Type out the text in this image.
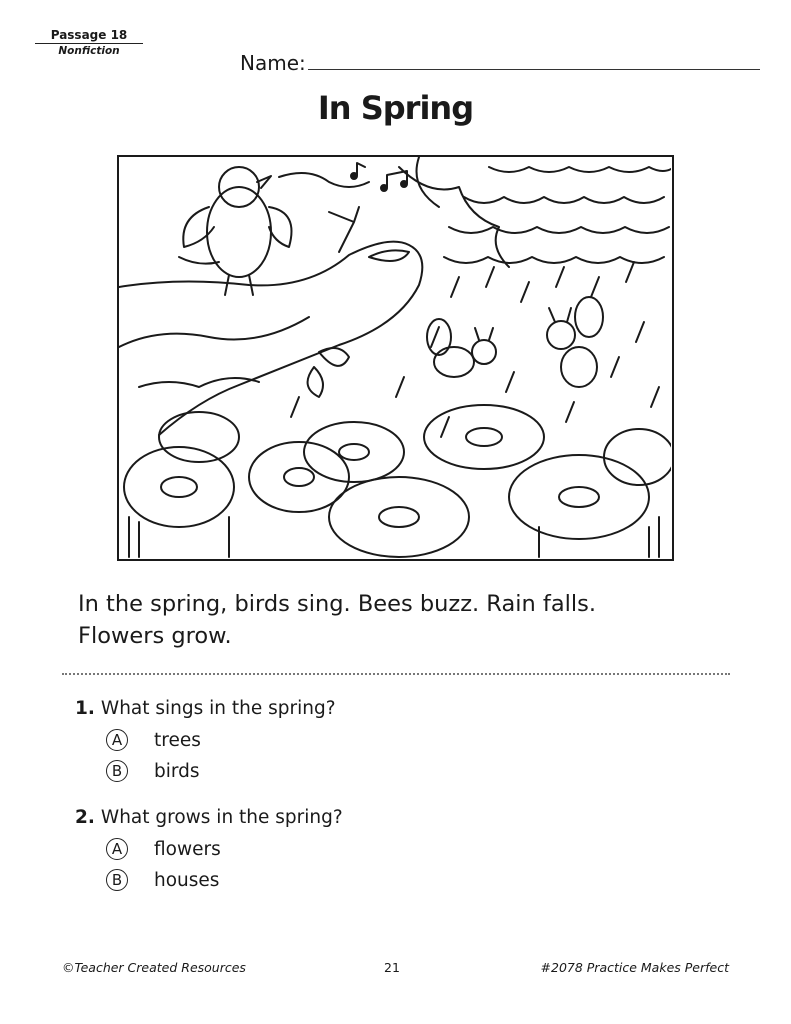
Passage 18
Nonfiction	Name:
In Spring
In the spring, birds sing. Bees buzz. Rain falls.
Flowers grow.
1. What sings in the spring?
A	trees
B	birds
2. What grows in the spring?
A	flowers
B	houses
©Teacher Created Resources	21	#2078 Practice Makes Perfect
